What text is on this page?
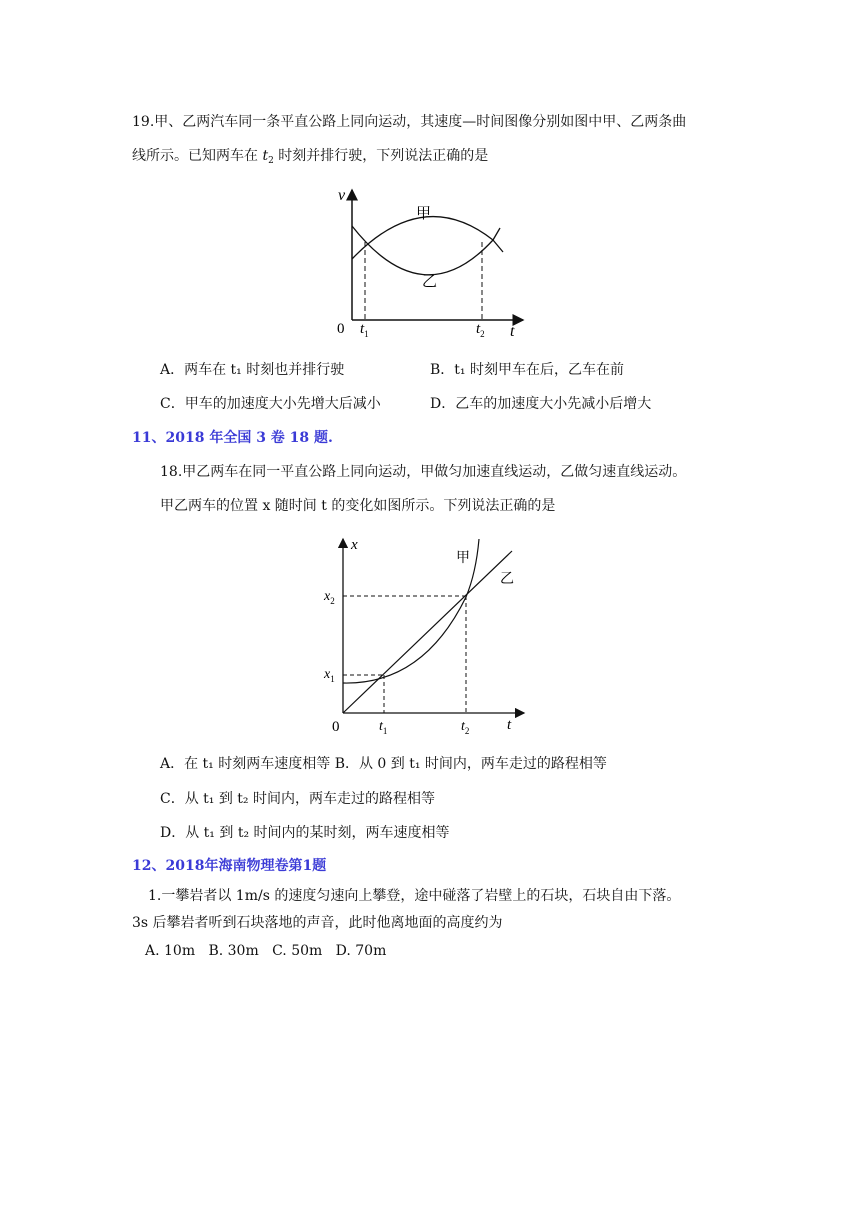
19.甲、乙两汽车同一条平直公路上同向运动，其速度—时间图像分别如图中甲、乙两条曲
线所示。已知两车在 $t_2$ 时刻并排行驶，下列说法正确的是
v
t
0 $t_1$	$t_2$
甲
乙
A．两车在 t₁ 时刻也并排行驶	B．t₁ 时刻甲车在后，乙车在前
C．甲车的加速度大小先增大后减小	D．乙车的加速度大小先减小后增大
11、2018 年全国 3 卷 18 题.
18.甲乙两车在同一平直公路上同向运动，甲做匀加速直线运动，乙做匀速直线运动。
甲乙两车的位置 x 随时间 t 的变化如图所示。下列说法正确的是
x
t
0
$x_1$
$x_2$
$t_1$	$t_2$
甲
乙
A．在 t₁ 时刻两车速度相等 B．从 0 到 t₁ 时间内，两车走过的路程相等
C．从 t₁ 到 t₂ 时间内，两车走过的路程相等
D．从 t₁ 到 t₂ 时间内的某时刻，两车速度相等
12、2018年海南物理卷第1题
1.一攀岩者以 1m/s 的速度匀速向上攀登，途中碰落了岩壁上的石块，石块自由下落。
3s 后攀岩者听到石块落地的声音，此时他离地面的高度约为
A. 10m   B. 30m   C. 50m   D. 70m
